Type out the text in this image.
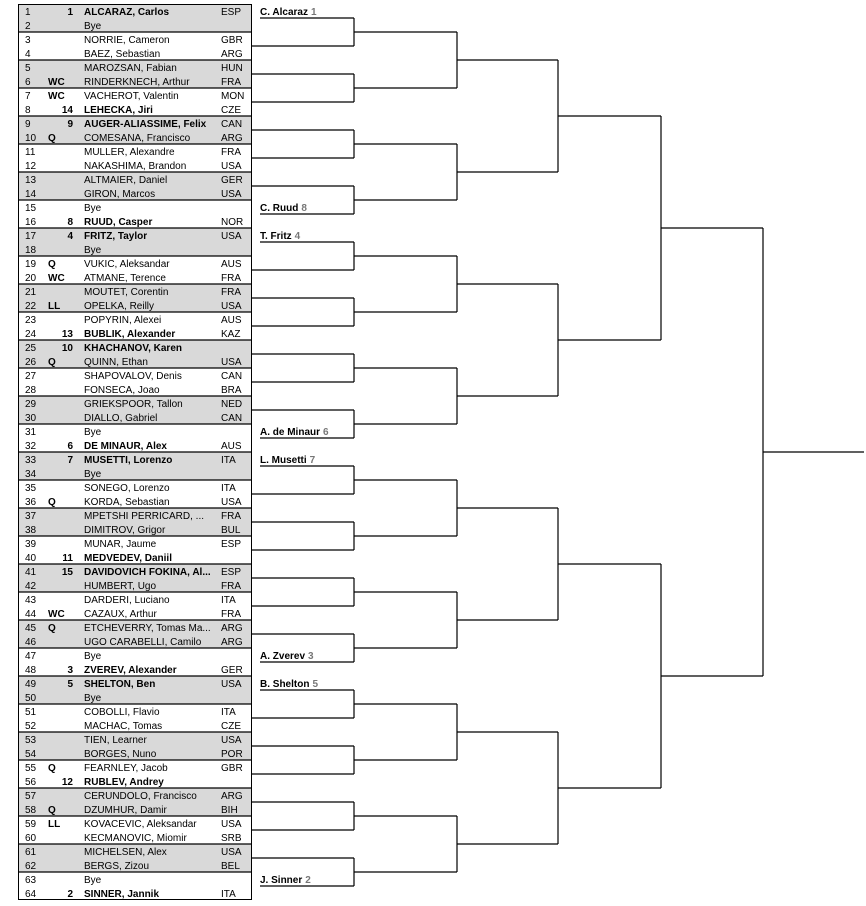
1	1 ALCARAZ, Carlos	ESP
2	Bye
3	NORRIE, Cameron	GBR
4	BAEZ, Sebastian	ARG
5	MAROZSAN, Fabian	HUN
6 WC RINDERKNECH, Arthur	FRA
7 WC VACHEROT, Valentin	MON
8	14 LEHECKA, Jiri	CZE
9	9 AUGER-ALIASSIME, Felix CAN
10 Q	COMESANA, Francisco	ARG
11	MULLER, Alexandre	FRA
12	NAKASHIMA, Brandon	USA
13	ALTMAIER, Daniel	GER
14	GIRON, Marcos	USA
15	Bye
16	8 RUUD, Casper	NOR
17	4 FRITZ, Taylor	USA
18	Bye
19 Q	VUKIC, Aleksandar	AUS
20 WC ATMANE, Terence	FRA
21	MOUTET, Corentin	FRA
22 LL OPELKA, Reilly	USA
23	POPYRIN, Alexei	AUS
24	13 BUBLIK, Alexander	KAZ
25	10 KHACHANOV, Karen
26 Q	QUINN, Ethan	USA
27	SHAPOVALOV, Denis	CAN
28	FONSECA, Joao	BRA
29	GRIEKSPOOR, Tallon	NED
30	DIALLO, Gabriel	CAN
31	Bye
32	6 DE MINAUR, Alex	AUS
33	7 MUSETTI, Lorenzo	ITA
34	Bye
35	SONEGO, Lorenzo	ITA
36 Q	KORDA, Sebastian	USA
37	MPETSHI PERRICARD, ... FRA
38	DIMITROV, Grigor	BUL
39	MUNAR, Jaume	ESP
40	11 MEDVEDEV, Daniil
41	15 DAVIDOVICH FOKINA, Al... ESP
42	HUMBERT, Ugo	FRA
43	DARDERI, Luciano	ITA
44 WC CAZAUX, Arthur	FRA
45 Q	ETCHEVERRY, Tomas Ma... ARG
46	UGO CARABELLI, Camilo ARG
47	Bye
48	3 ZVEREV, Alexander	GER
49	5 SHELTON, Ben	USA
50	Bye
51	COBOLLI, Flavio	ITA
52	MACHAC, Tomas	CZE
53	TIEN, Learner	USA
54	BORGES, Nuno	POR
55 Q	FEARNLEY, Jacob	GBR
56	12 RUBLEV, Andrey
57	CERUNDOLO, Francisco ARG
58 Q	DZUMHUR, Damir	BIH
59 LL KOVACEVIC, Aleksandar USA
60	KECMANOVIC, Miomir	SRB
61	MICHELSEN, Alex	USA
62	BERGS, Zizou	BEL
63	Bye
64	2 SINNER, Jannik	ITA
C. Alcaraz
C. Ruud
T. Fritz
A. de Minaur
L. Musetti
A. Zverev
B. Shelton
J. Sinner
1
8
4
6
7
3
5
2
